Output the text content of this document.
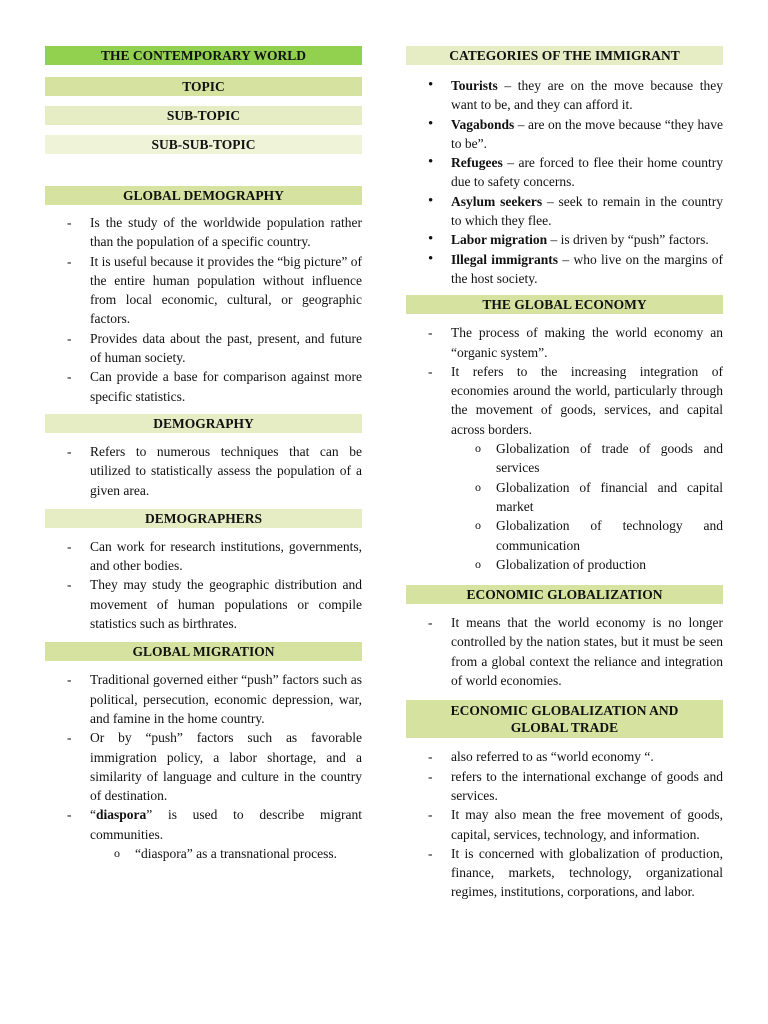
THE CONTEMPORARY WORLD
TOPIC
SUB-TOPIC
SUB-SUB-TOPIC
GLOBAL DEMOGRAPHY
- Is the study of the worldwide population rather than the population of a specific country.
- It is useful because it provides the “big picture” of the entire human population without influence from local economic, cultural, or geographic factors.
- Provides data about the past, present, and future of human society.
- Can provide a base for comparison against more specific statistics.
DEMOGRAPHY
- Refers to numerous techniques that can be utilized to statistically assess the population of a given area.
DEMOGRAPHERS
- Can work for research institutions, governments, and other bodies.
- They may study the geographic distribution and movement of human populations or compile statistics such as birthrates.
GLOBAL MIGRATION
- Traditional governed either “push” factors such as political, persecution, economic depression, war, and famine in the home country.
- Or by “push” factors such as favorable immigration policy, a labor shortage, and a similarity of language and culture in the country of destination.
- “diaspora” is used to describe migrant communities.
o “diaspora” as a transnational process.
CATEGORIES OF THE IMMIGRANT
• Tourists – they are on the move because they want to be, and they can afford it.
• Vagabonds – are on the move because “they have to be”.
• Refugees – are forced to flee their home country due to safety concerns.
• Asylum seekers – seek to remain in the country to which they flee.
• Labor migration – is driven by “push” factors.
• Illegal immigrants – who live on the margins of the host society.
THE GLOBAL ECONOMY
- The process of making the world economy an “organic system”.
- It refers to the increasing integration of economies around the world, particularly through the movement of goods, services, and capital across borders.
o Globalization of trade of goods and services
o Globalization of financial and capital market
o Globalization of technology and communication
o Globalization of production
ECONOMIC GLOBALIZATION
- It means that the world economy is no longer controlled by the nation states, but it must be seen from a global context the reliance and integration of world economies.
ECONOMIC GLOBALIZATION AND GLOBAL TRADE
- also referred to as “world economy “.
- refers to the international exchange of goods and services.
- It may also mean the free movement of goods, capital, services, technology, and information.
- It is concerned with globalization of production, finance, markets, technology, organizational regimes, institutions, corporations, and labor.
